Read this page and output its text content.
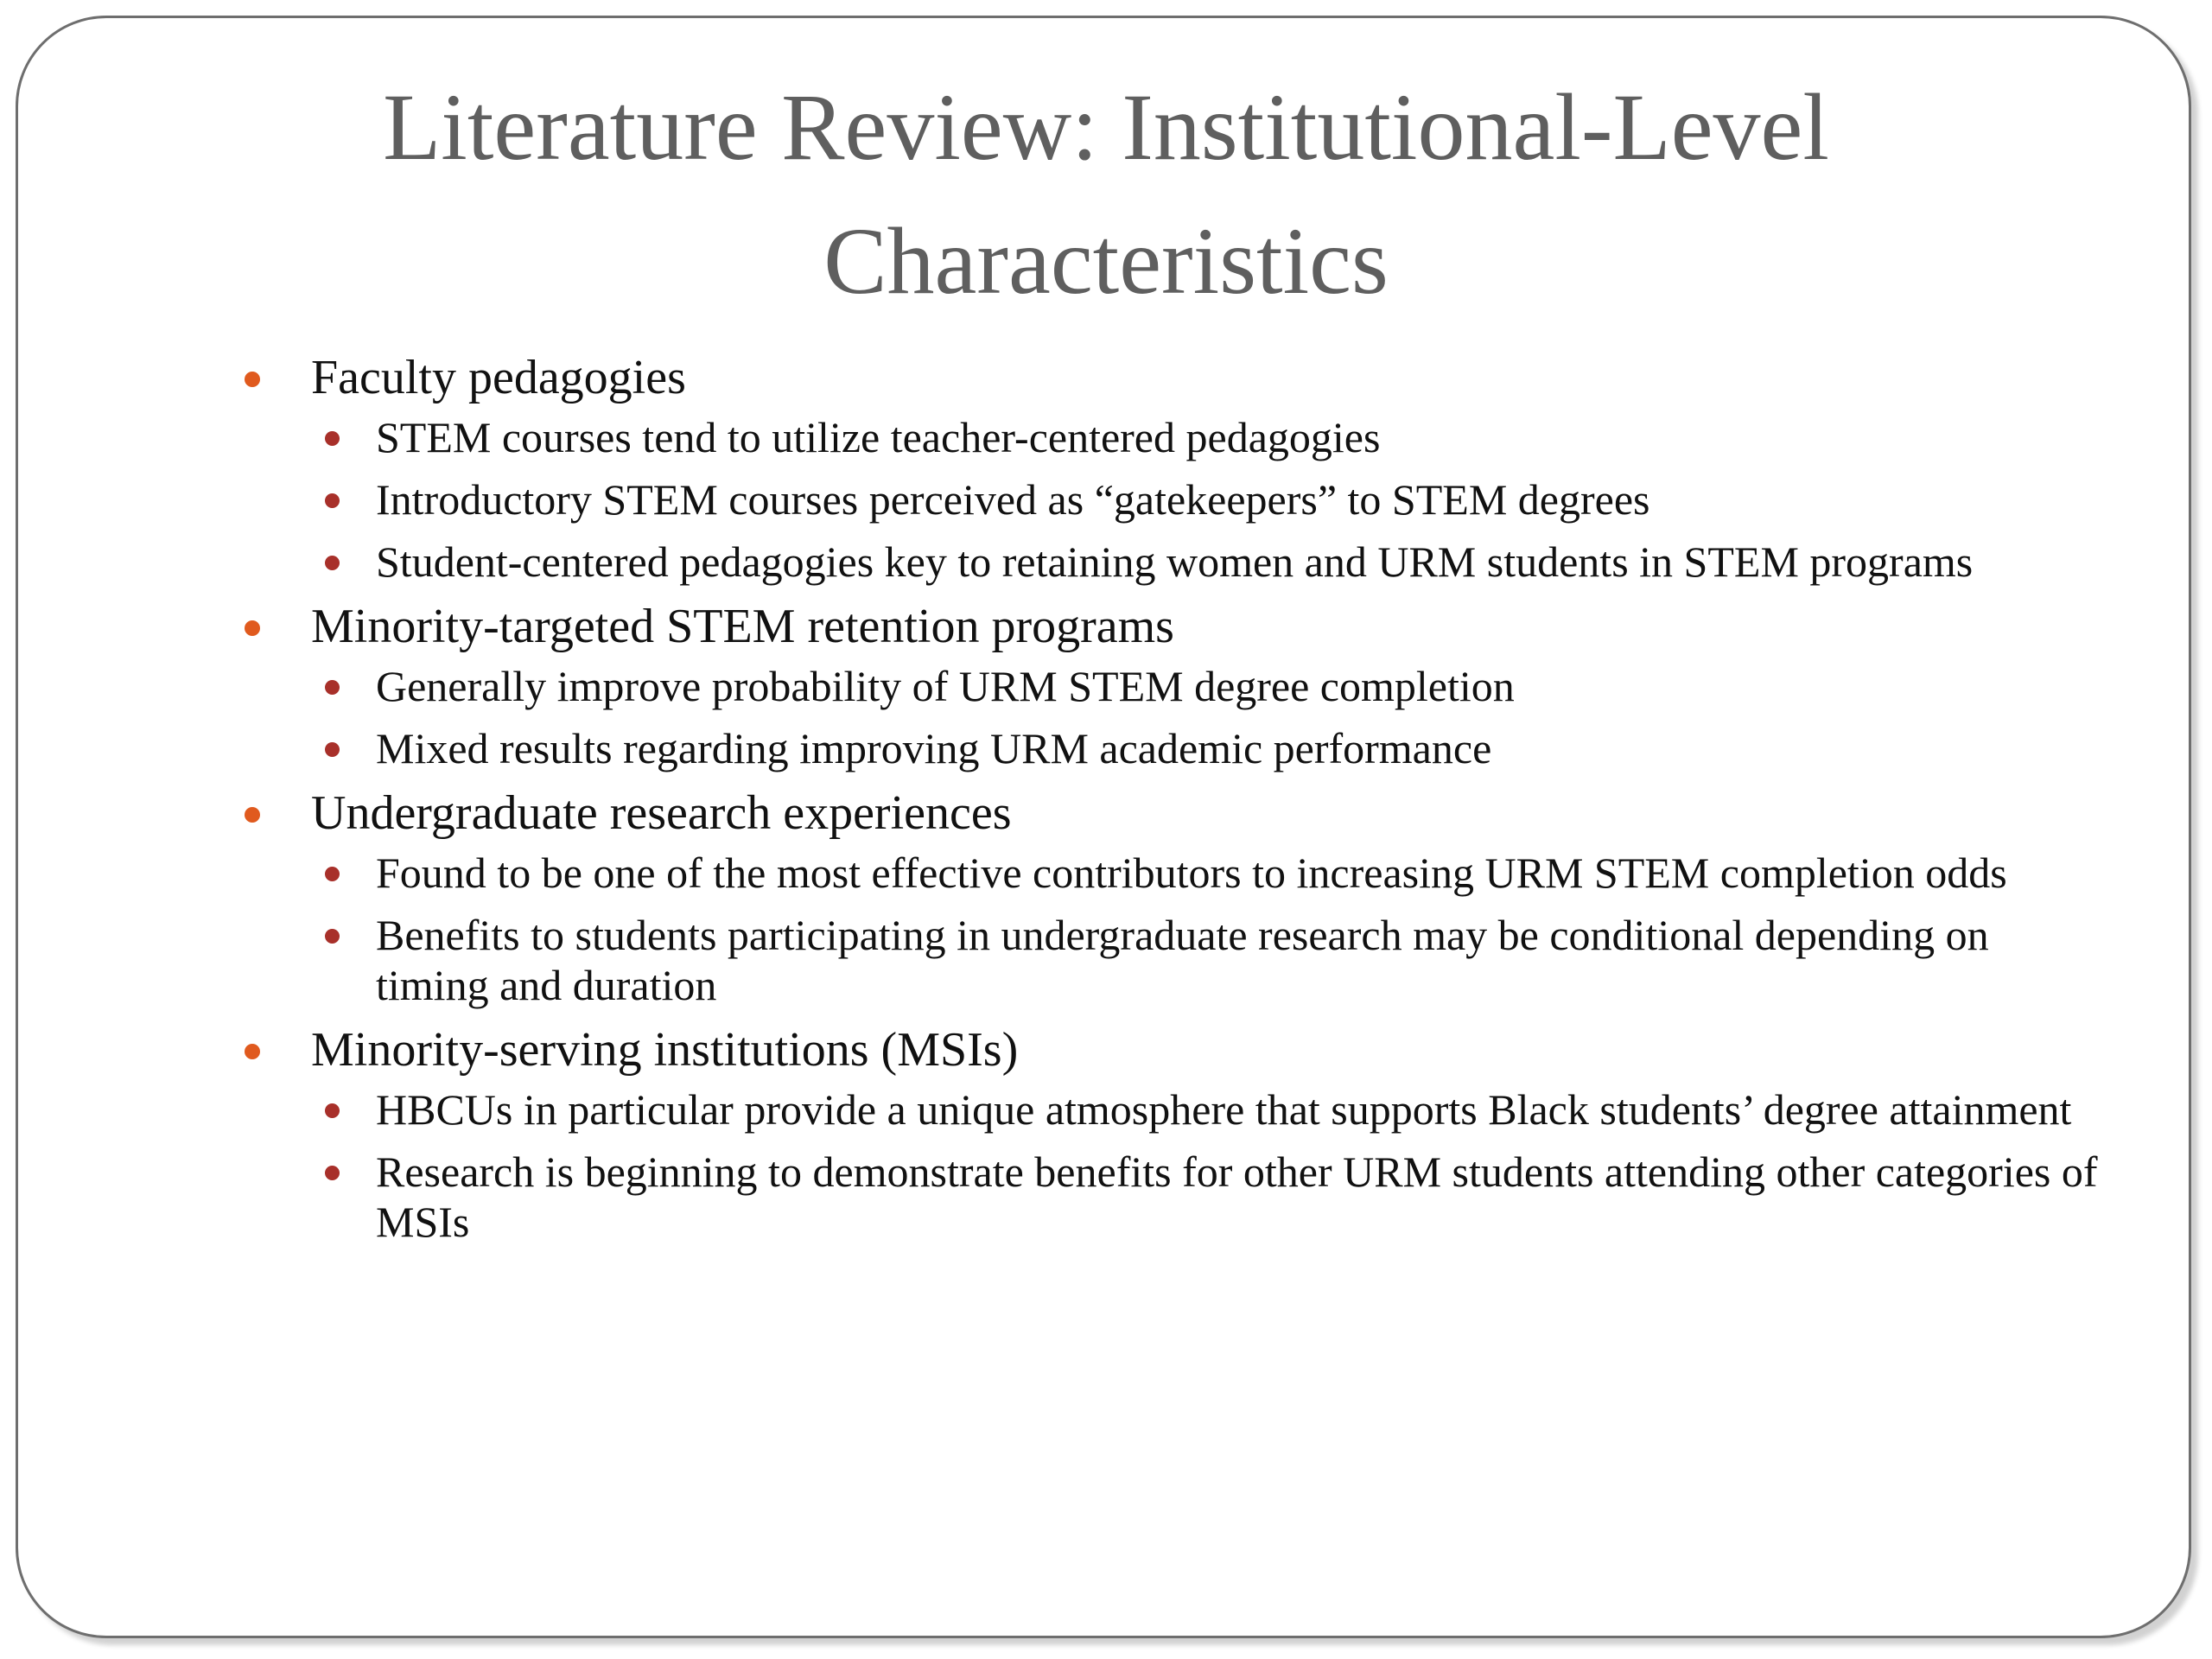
Literature Review: Institutional-Level
Characteristics
Faculty pedagogies
STEM courses tend to utilize teacher-centered pedagogies
Introductory STEM courses perceived as “gatekeepers” to STEM degrees
Student-centered pedagogies key to retaining women and URM students in STEM programs
Minority-targeted STEM retention programs
Generally improve probability of URM STEM degree completion
Mixed results regarding improving URM academic performance
Undergraduate research experiences
Found to be one of the most effective contributors to increasing URM STEM completion odds
Benefits to students participating in undergraduate research may be conditional depending on timing and duration
Minority-serving institutions (MSIs)
HBCUs in particular provide a unique atmosphere that supports Black students’ degree attainment
Research is beginning to demonstrate benefits for other URM students attending other categories of MSIs
